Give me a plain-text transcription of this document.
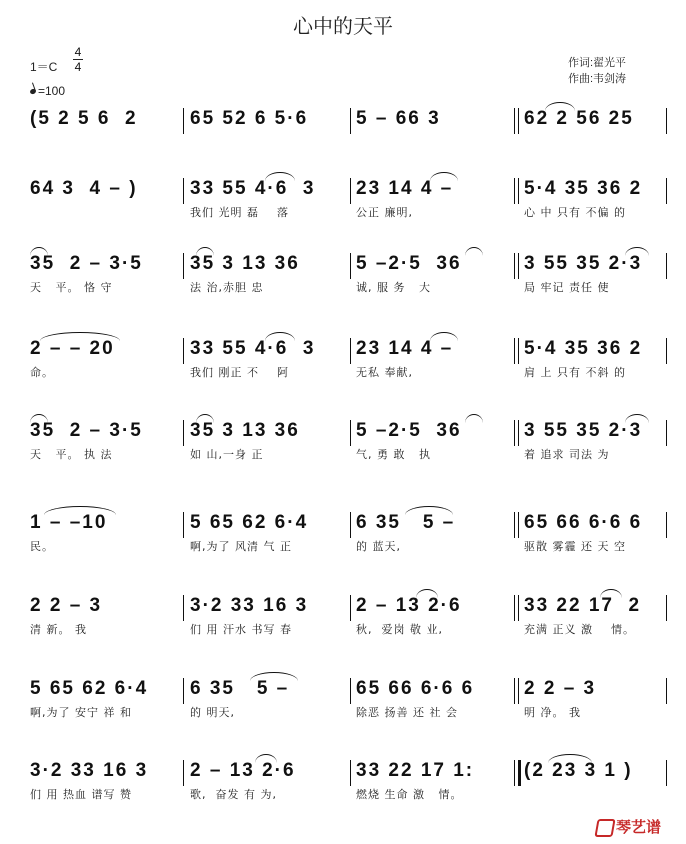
心中的天平
1＝C
4
4
=100
作词:翟光平
作曲:韦剑涛
(5 2 5 6  2	65 52 6 5·6	5 – 66 3	62 2 56 25
64 3  4 – )	33 55 4·6  3
我们 光明 磊    落
23 14 4 –
公正 廉明,
5·4 35 36 2
心 中 只有 不偏 的
35  2 – 3·5
天   平。 恪 守
35 3 13 36
法 治,赤胆 忠
5 –2·5  36
诚, 服 务   大
3 55 35 2·3
局 牢记 责任 使
2 – – 20
命。
33 55 4·6  3
我们 刚正 不    阿
23 14 4 –
无私 奉献,
5·4 35 36 2
肩 上 只有 不斜 的
35  2 – 3·5
天   平。 执 法
35 3 13 36
如 山,一身 正
5 –2·5  36
气, 勇 敢   执
3 55 35 2·3
着 追求 司法 为
1 – –10
民。
5 65 62 6·4
啊,为了 风清 气 正
6 35   5 –
的 蓝天,
65 66 6·6 6
驱散 雾霾 还 天 空
2 2 – 3
清 新。 我
3·2 33 16 3
们 用 汗水 书写 春
2 – 13 2·6
秋,  爱岗 敬 业,
33 22 17  2
充满 正义 激    情。
5 65 62 6·4
啊,为了 安宁 祥 和
6 35   5 –
的 明天,
65 66 6·6 6
除恶 扬善 还 社 会
2 2 – 3
明 净。 我
3·2 33 16 3
们 用 热血 谱写 赞
2 – 13 2·6
歌,  奋发 有 为,
33 22 17 1:
燃烧 生命 激   情。
(2 23 3 1 )
琴艺谱
